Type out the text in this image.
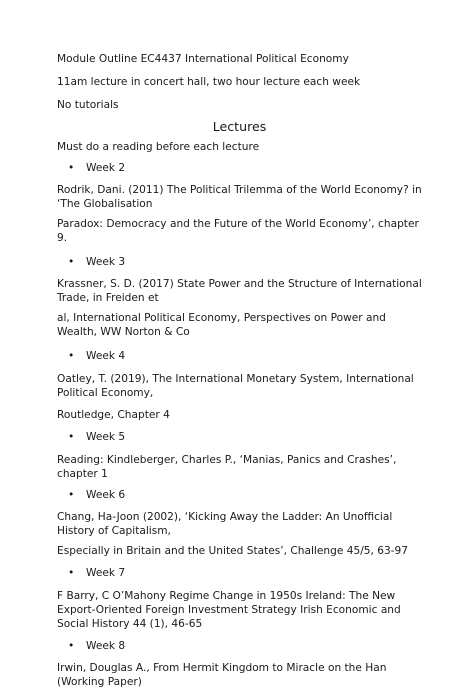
Module Outline EC4437 International Political Economy

11am lecture in concert hall, two hour lecture each week

No tutorials

Lectures

Must do a reading before each lecture

• Week 2

Rodrik, Dani. (2011) The Political Trilemma of the World Economy? in ‘The Globalisation

Paradox: Democracy and the Future of the World Economy’, chapter 9.

• Week 3

Krassner, S. D. (2017) State Power and the Structure of International Trade, in Freiden et

al, International Political Economy, Perspectives on Power and Wealth, WW Norton & Co

• Week 4

Oatley, T. (2019), The International Monetary System, International Political Economy,

Routledge, Chapter 4

• Week 5

Reading: Kindleberger, Charles P., ‘Manias, Panics and Crashes’, chapter 1

• Week 6

Chang, Ha-Joon (2002), ‘Kicking Away the Ladder: An Unofficial History of Capitalism,

Especially in Britain and the United States’, Challenge 45/5, 63-97

• Week 7

F Barry, C O’Mahony Regime Change in 1950s Ireland: The New Export-Oriented Foreign Investment Strategy Irish Economic and Social History 44 (1), 46-65

• Week 8

Irwin, Douglas A., From Hermit Kingdom to Miracle on the Han (Working Paper)
